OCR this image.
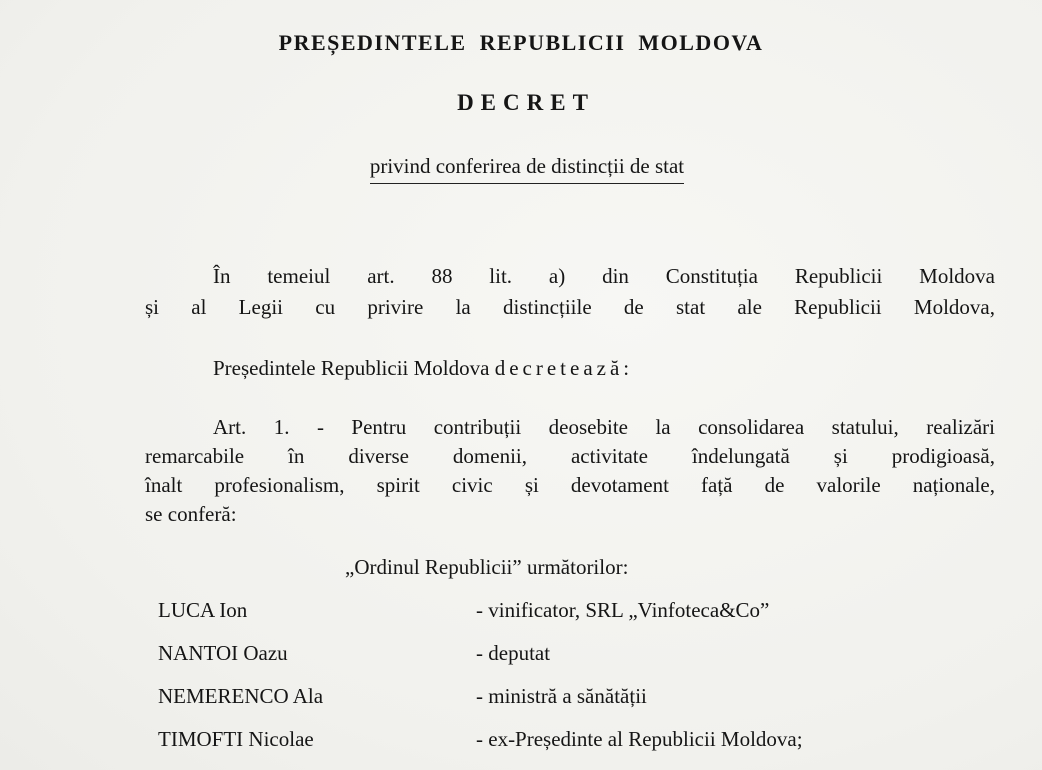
PREȘEDINTELE REPUBLICII MOLDOVA
DECRET
privind conferirea de distincții de stat
În temeiul art. 88 lit. a) din Constituția Republicii Moldova
și al Legii cu privire la distincțiile de stat ale Republicii Moldova,
Președintele Republicii Moldova decretează:
Art. 1. - Pentru contribuții deosebite la consolidarea statului, realizări
remarcabile în diverse domenii, activitate îndelungată și prodigioasă,
înalt profesionalism, spirit civic și devotament față de valorile naționale,
se conferă:
„Ordinul Republicii” următorilor:
LUCA Ion	- vinificator, SRL „Vinfoteca&Co”
NANTOI Oazu	- deputat
NEMERENCO Ala	- ministră a sănătății
TIMOFTI Nicolae	- ex-Președinte al Republicii Moldova;
